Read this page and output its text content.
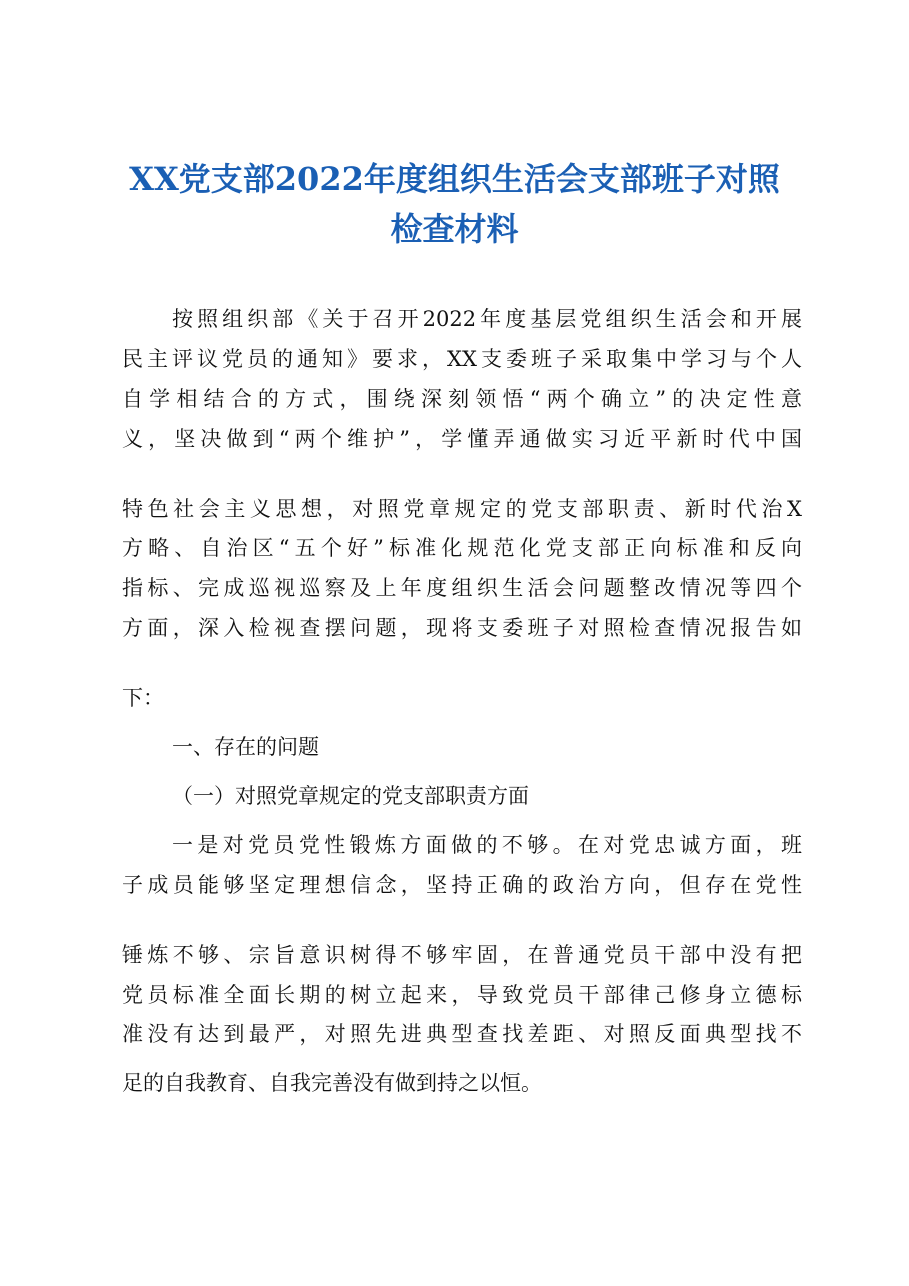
XX党支部2022年度组织生活会支部班子对照
检查材料

按照组织部《关于召开2022年度基层党组织生活会和开展

民主评议党员的通知》要求，XX支委班子采取集中学习与个人

自学相结合的方式，围绕深刻领悟“两个确立”的决定性意

义，坚决做到“两个维护”，学懂弄通做实习近平新时代中国

特色社会主义思想，对照党章规定的党支部职责、新时代治X

方略、自治区“五个好”标准化规范化党支部正向标准和反向

指标、完成巡视巡察及上年度组织生活会问题整改情况等四个

方面，深入检视查摆问题，现将支委班子对照检查情况报告如

下：

一、存在的问题

（一）对照党章规定的党支部职责方面

一是对党员党性锻炼方面做的不够。在对党忠诚方面，班

子成员能够坚定理想信念，坚持正确的政治方向，但存在党性

锤炼不够、宗旨意识树得不够牢固，在普通党员干部中没有把

党员标准全面长期的树立起来，导致党员干部律己修身立德标

准没有达到最严，对照先进典型查找差距、对照反面典型找不

足的自我教育、自我完善没有做到持之以恒。
